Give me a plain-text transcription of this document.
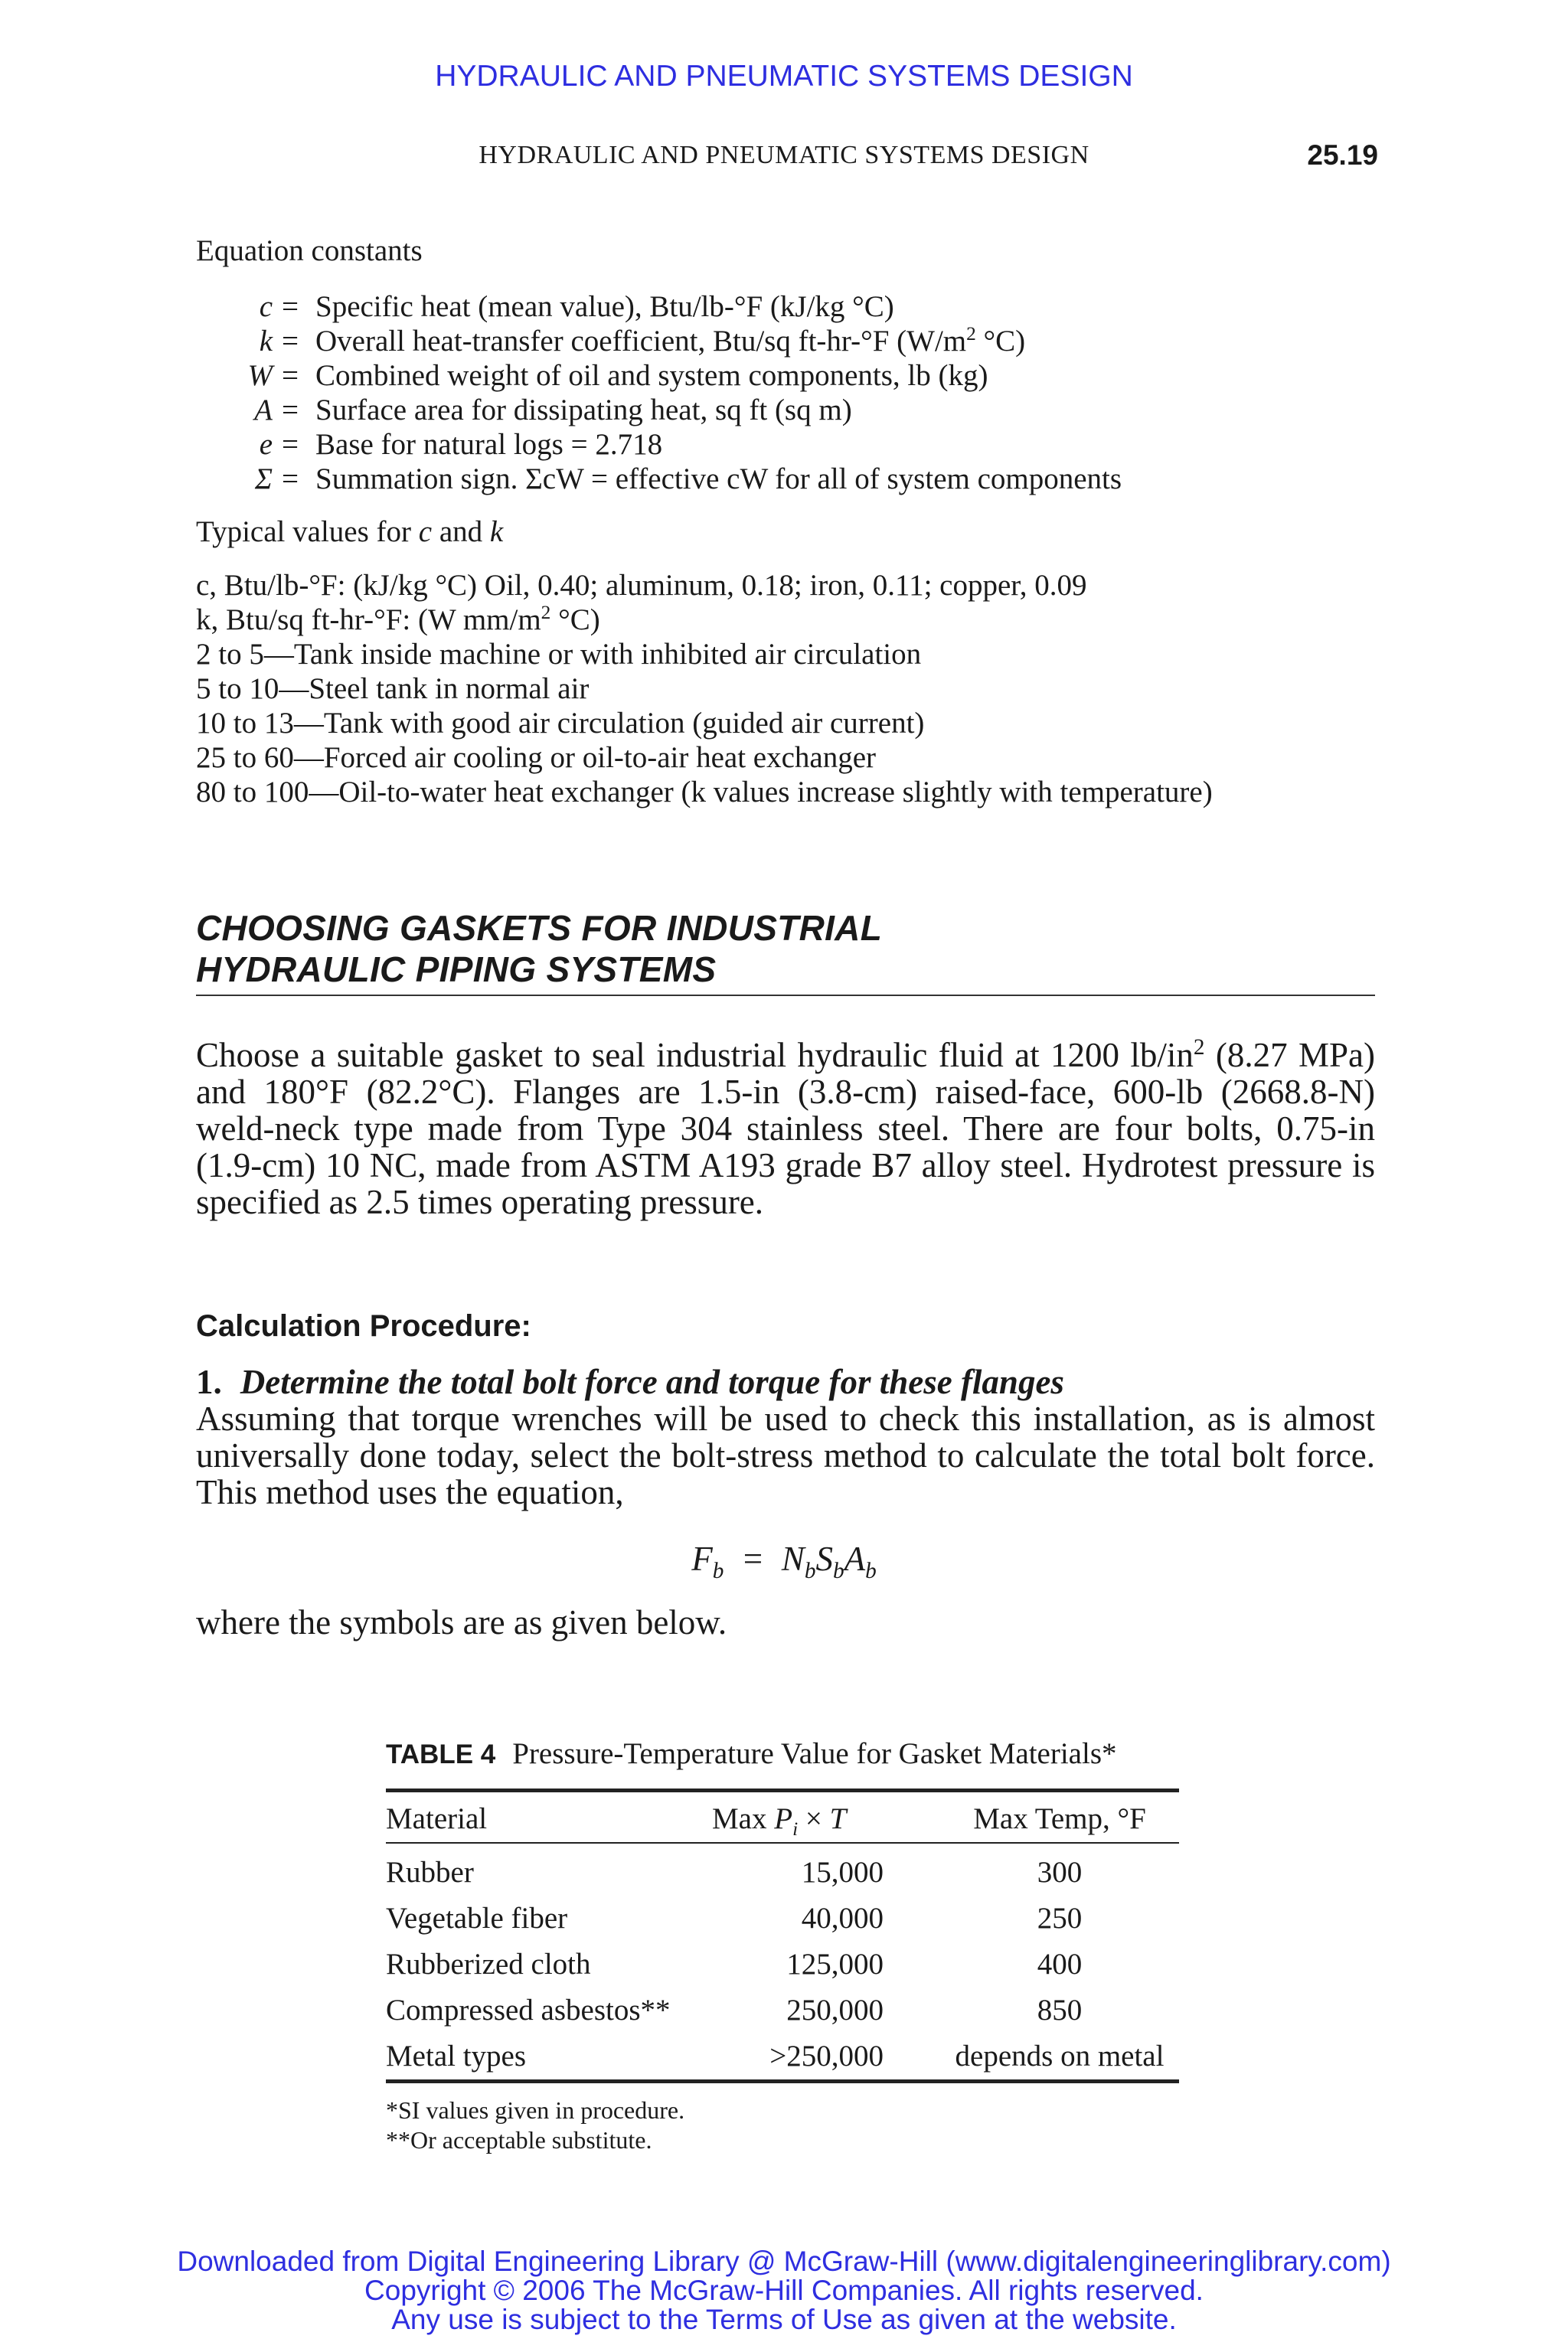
HYDRAULIC AND PNEUMATIC SYSTEMS DESIGN
HYDRAULIC AND PNEUMATIC SYSTEMS DESIGN	25.19
Equation constants
c = Specific heat (mean value), Btu/lb-°F (kJ/kg °C)
k = Overall heat-transfer coefficient, Btu/sq ft-hr-°F ($W/m^2$ °C)
W = Combined weight of oil and system components, lb (kg)
A = Surface area for dissipating heat, sq ft (sq m)
e = Base for natural logs = 2.718
Σ = Summation sign. ΣcW = effective cW for all of system components
Typical values for c and k
c, Btu/lb-°F: (kJ/kg °C) Oil, 0.40; aluminum, 0.18; iron, 0.11; copper, 0.09
k, Btu/sq ft-hr-°F: (W $mm/m^2$ °C)
2 to 5—Tank inside machine or with inhibited air circulation
5 to 10—Steel tank in normal air
10 to 13—Tank with good air circulation (guided air current)
25 to 60—Forced air cooling or oil-to-air heat exchanger
80 to 100—Oil-to-water heat exchanger (k values increase slightly with temperature)
CHOOSING GASKETS FOR INDUSTRIAL
HYDRAULIC PIPING SYSTEMS
Choose a suitable gasket to seal industrial hydraulic fluid at 1200 $lb/in^2$ (8.27 MPa) and 180°F (82.2°C). Flanges are 1.5-in (3.8-cm) raised-face, 600-lb (2668.8-N) weld-neck type made from Type 304 stainless steel. There are four bolts, 0.75-in (1.9-cm) 10 NC, made from ASTM A193 grade B7 alloy steel. Hydrotest pressure is specified as 2.5 times operating pressure.
Calculation Procedure:
1. Determine the total bolt force and torque for these flanges
Assuming that torque wrenches will be used to check this installation, as is almost universally done today, select the bolt-stress method to calculate the total bolt force. This method uses the equation,
$F_b = N_bS_bA_b$
where the symbols are as given below.
TABLE 4 Pressure-Temperature Value for Gasket Materials*
Material	Max $P_i \times T$	Max Temp, °F
Rubber	15,000	300
Vegetable fiber	40,000	250
Rubberized cloth	125,000	400
Compressed asbestos**	250,000	850
Metal types	>250,000	depends on metal
*SI values given in procedure.
**Or acceptable substitute.
Downloaded from Digital Engineering Library @ McGraw-Hill (www.digitalengineeringlibrary.com)
Copyright © 2006 The McGraw-Hill Companies. All rights reserved.
Any use is subject to the Terms of Use as given at the website.
